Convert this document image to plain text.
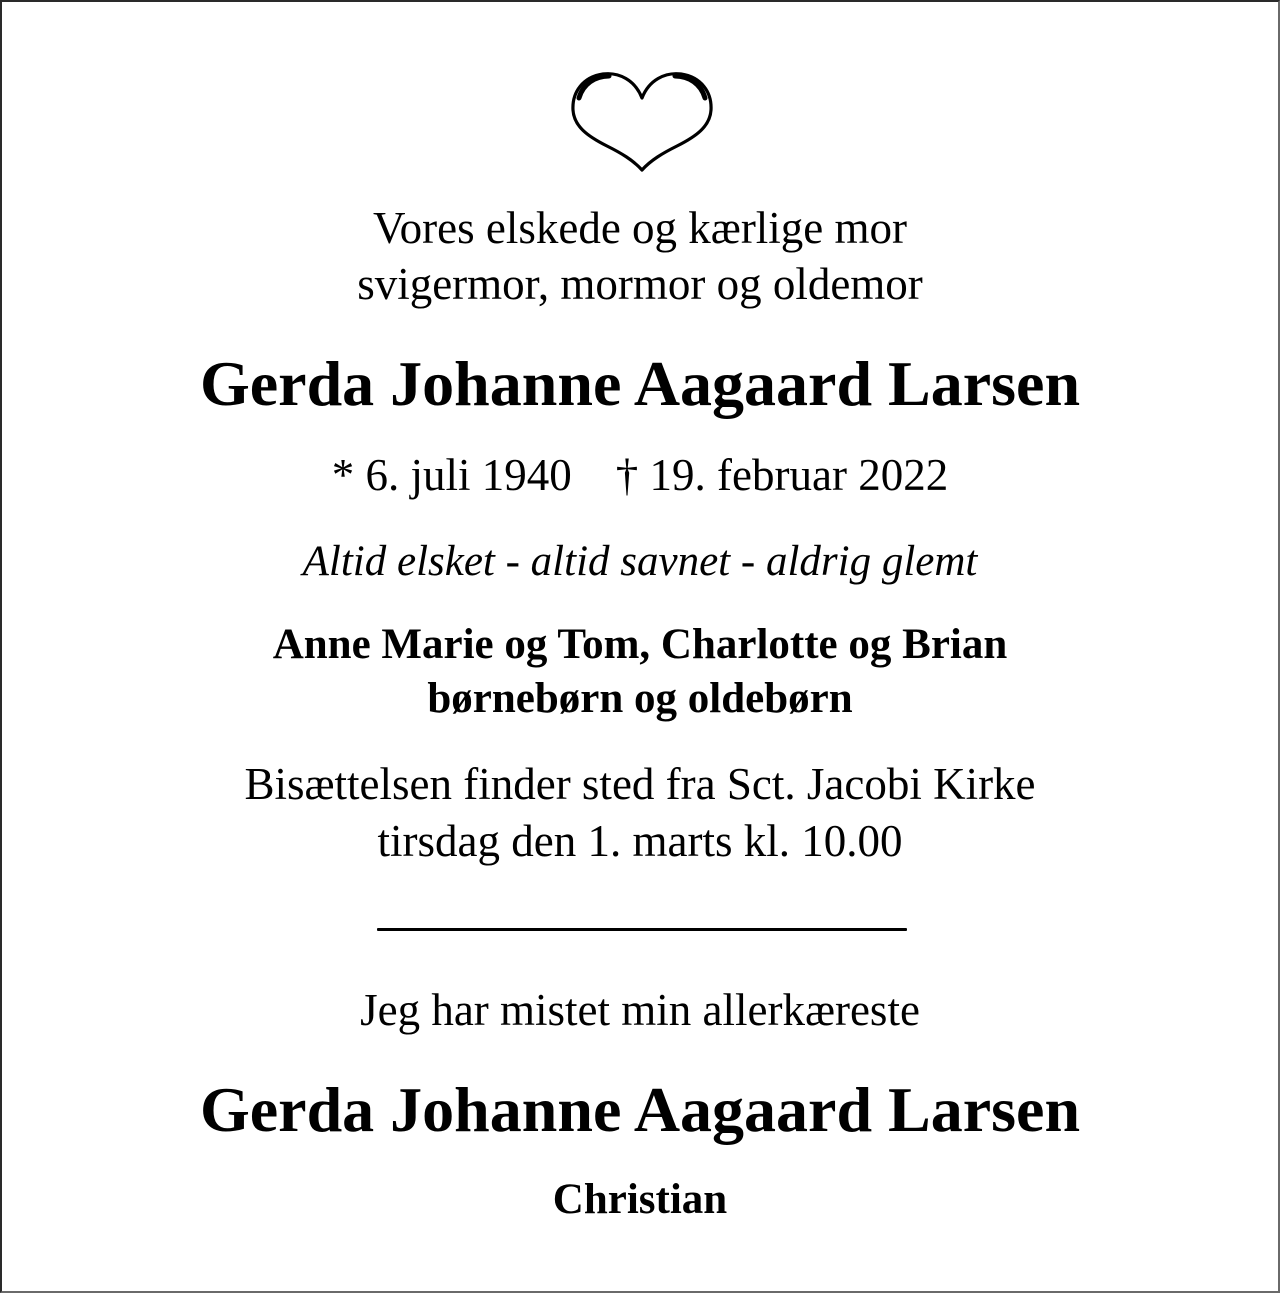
Vores elskede og kærlige mor
svigermor, mormor og oldemor
Gerda Johanne Aagaard Larsen
* 6. juli 1940 † 19. februar 2022
Altid elsket - altid savnet - aldrig glemt
Anne Marie og Tom, Charlotte og Brian
børnebørn og oldebørn
Bisættelsen finder sted fra Sct. Jacobi Kirke
tirsdag den 1. marts kl. 10.00
Jeg har mistet min allerkæreste
Gerda Johanne Aagaard Larsen
Christian
